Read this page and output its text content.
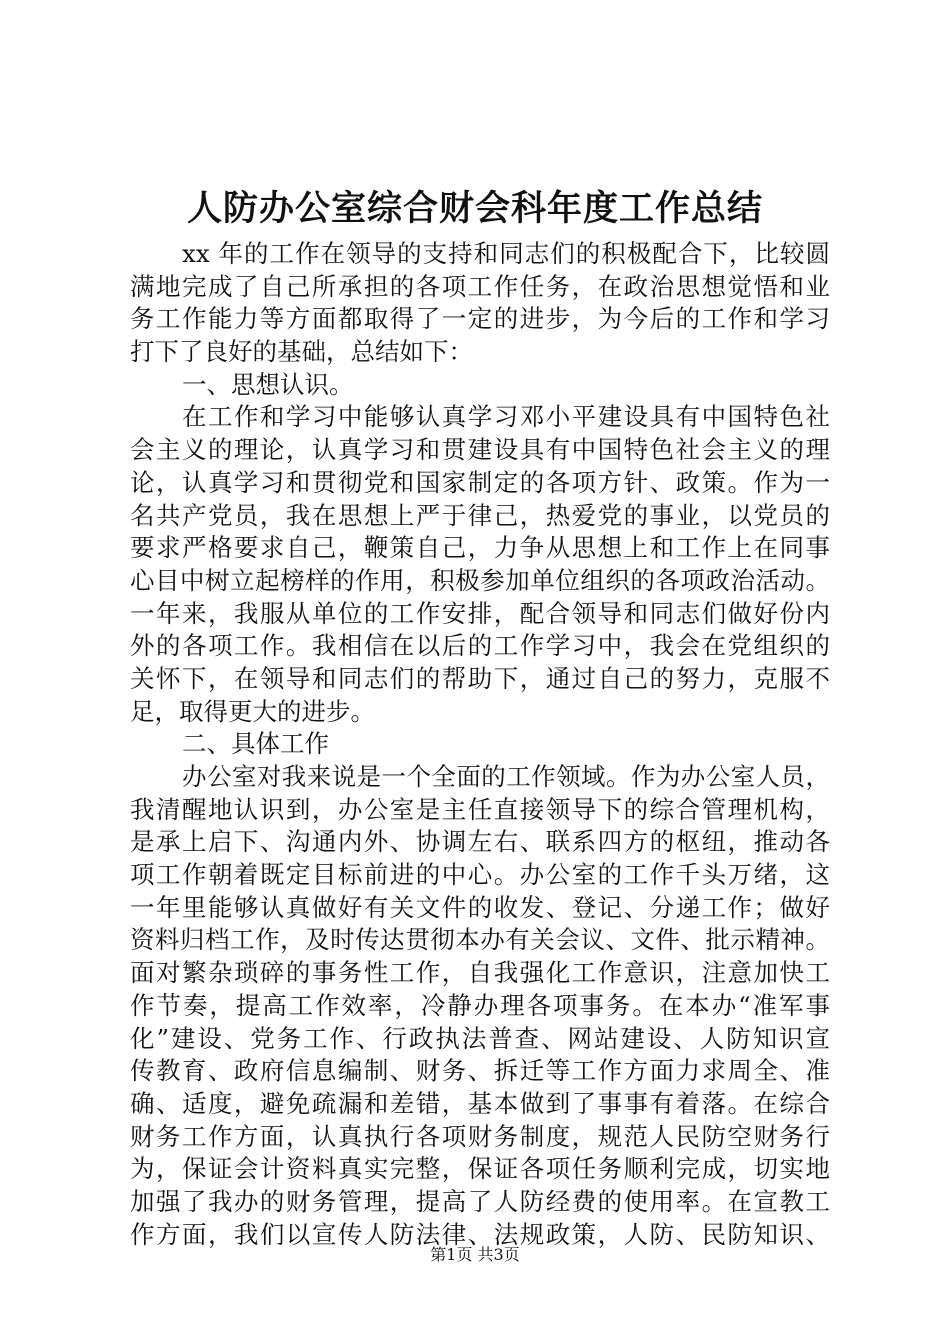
人防办公室综合财会科年度工作总结
xx 年的工作在领导的支持和同志们的积极配合下，比较圆
满地完成了自己所承担的各项工作任务，在政治思想觉悟和业
务工作能力等方面都取得了一定的进步，为今后的工作和学习
打下了良好的基础，总结如下：
一、思想认识。
在工作和学习中能够认真学习邓小平建设具有中国特色社
会主义的理论，认真学习和贯建设具有中国特色社会主义的理
论，认真学习和贯彻党和国家制定的各项方针、政策。作为一
名共产党员，我在思想上严于律己，热爱党的事业，以党员的
要求严格要求自己，鞭策自己，力争从思想上和工作上在同事
心目中树立起榜样的作用，积极参加单位组织的各项政治活动。
一年来，我服从单位的工作安排，配合领导和同志们做好份内
外的各项工作。我相信在以后的工作学习中，我会在党组织的
关怀下，在领导和同志们的帮助下，通过自己的努力，克服不
足，取得更大的进步。
二、具体工作
办公室对我来说是一个全面的工作领域。作为办公室人员，
我清醒地认识到，办公室是主任直接领导下的综合管理机构，
是承上启下、沟通内外、协调左右、联系四方的枢纽，推动各
项工作朝着既定目标前进的中心。办公室的工作千头万绪，这
一年里能够认真做好有关文件的收发、登记、分递工作；做好
资料归档工作，及时传达贯彻本办有关会议、文件、批示精神。
面对繁杂琐碎的事务性工作，自我强化工作意识，注意加快工
作节奏，提高工作效率，冷静办理各项事务。在本办“准军事
化”建设、党务工作、行政执法普查、网站建设、人防知识宣
传教育、政府信息编制、财务、拆迁等工作方面力求周全、准
确、适度，避免疏漏和差错，基本做到了事事有着落。在综合
财务工作方面，认真执行各项财务制度，规范人民防空财务行
为，保证会计资料真实完整，保证各项任务顺利完成，切实地
加强了我办的财务管理，提高了人防经费的使用率。在宣教工
作方面，我们以宣传人防法律、法规政策，人防、民防知识、
第1页 共3页
